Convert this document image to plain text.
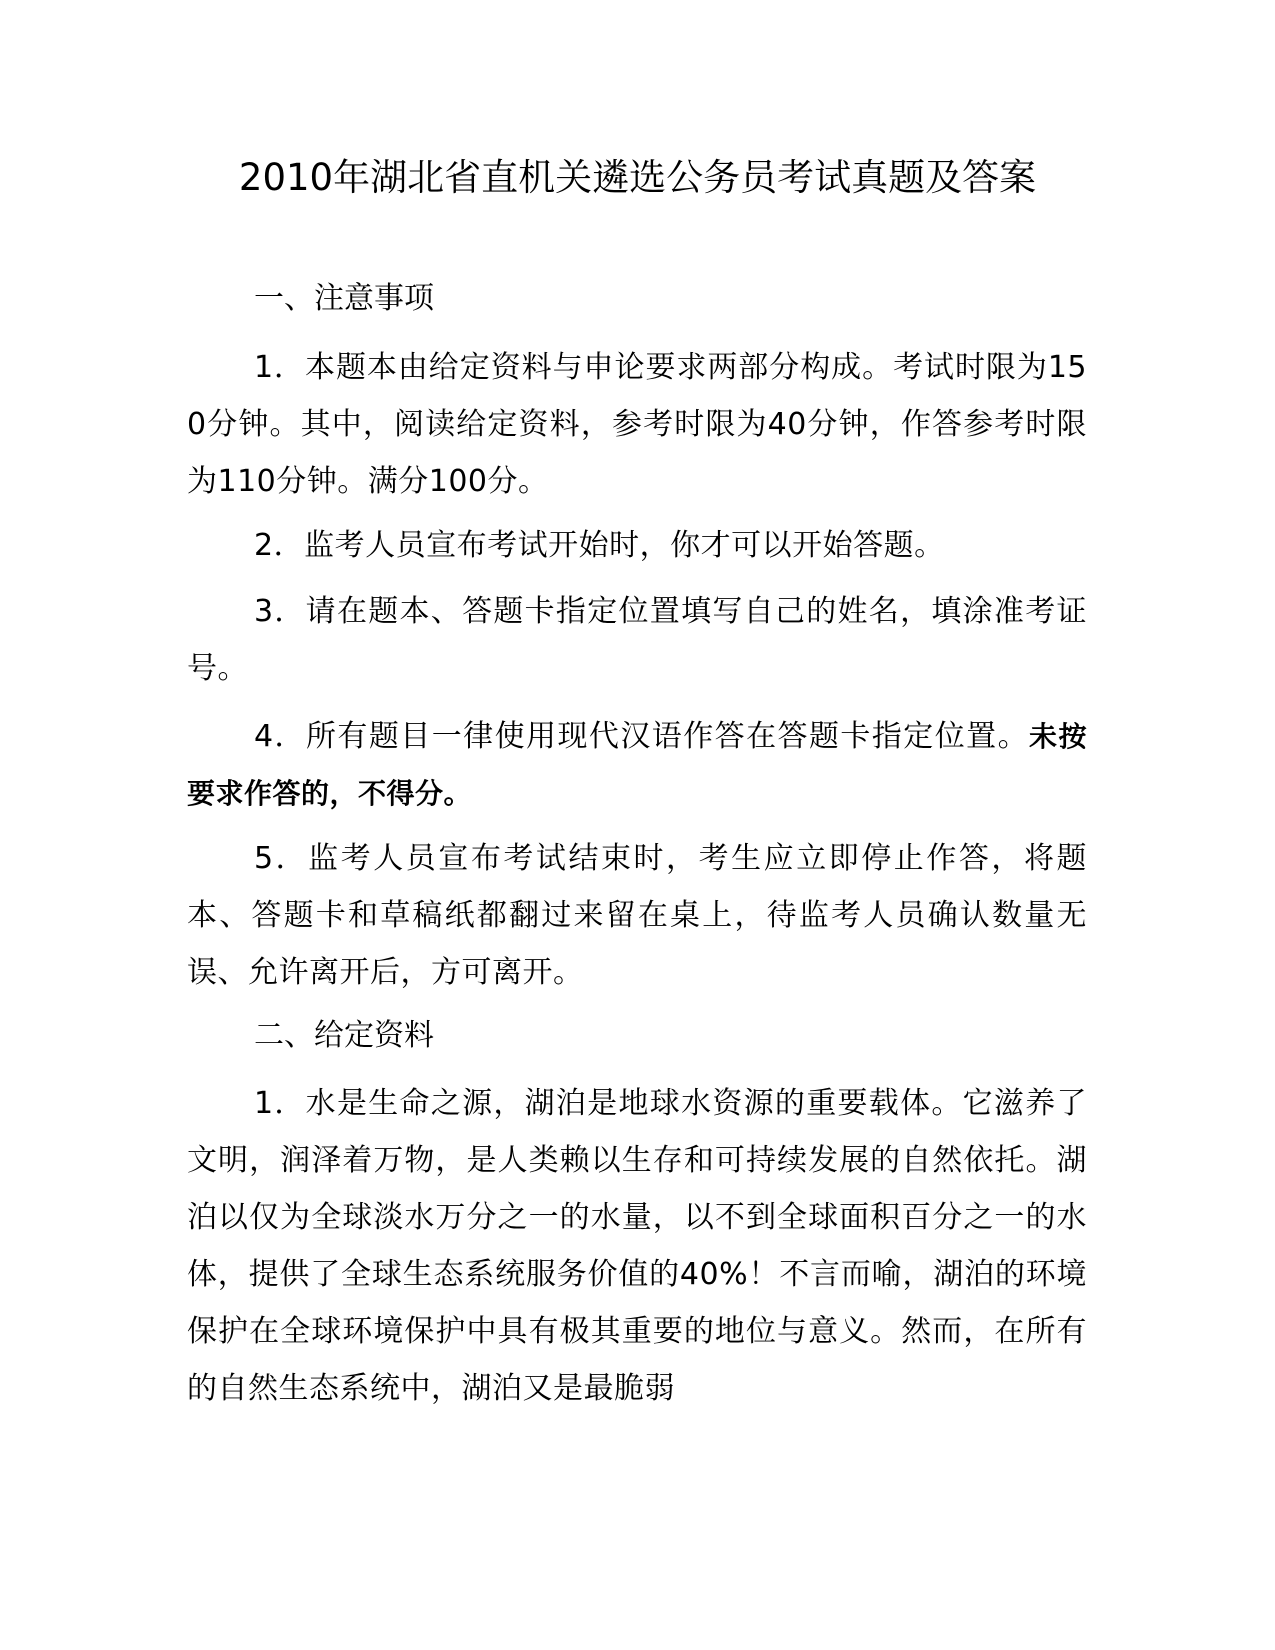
2010年湖北省直机关遴选公务员考试真题及答案

一、注意事项

1．本题本由给定资料与申论要求两部分构成。考试时限为150分钟。其中，阅读给定资料，参考时限为40分钟，作答参考时限为110分钟。满分100分。

2．监考人员宣布考试开始时，你才可以开始答题。

3．请在题本、答题卡指定位置填写自己的姓名，填涂准考证号。

4．所有题目一律使用现代汉语作答在答题卡指定位置。未按要求作答的，不得分。

5．监考人员宣布考试结束时，考生应立即停止作答，将题本、答题卡和草稿纸都翻过来留在桌上，待监考人员确认数量无误、允许离开后，方可离开。

二、给定资料

1．水是生命之源，湖泊是地球水资源的重要载体。它滋养了文明，润泽着万物，是人类赖以生存和可持续发展的自然依托。湖泊以仅为全球淡水万分之一的水量，以不到全球面积百分之一的水体，提供了全球生态系统服务价值的40%！不言而喻，湖泊的环境保护在全球环境保护中具有极其重要的地位与意义。然而，在所有的自然生态系统中，湖泊又是最脆弱
